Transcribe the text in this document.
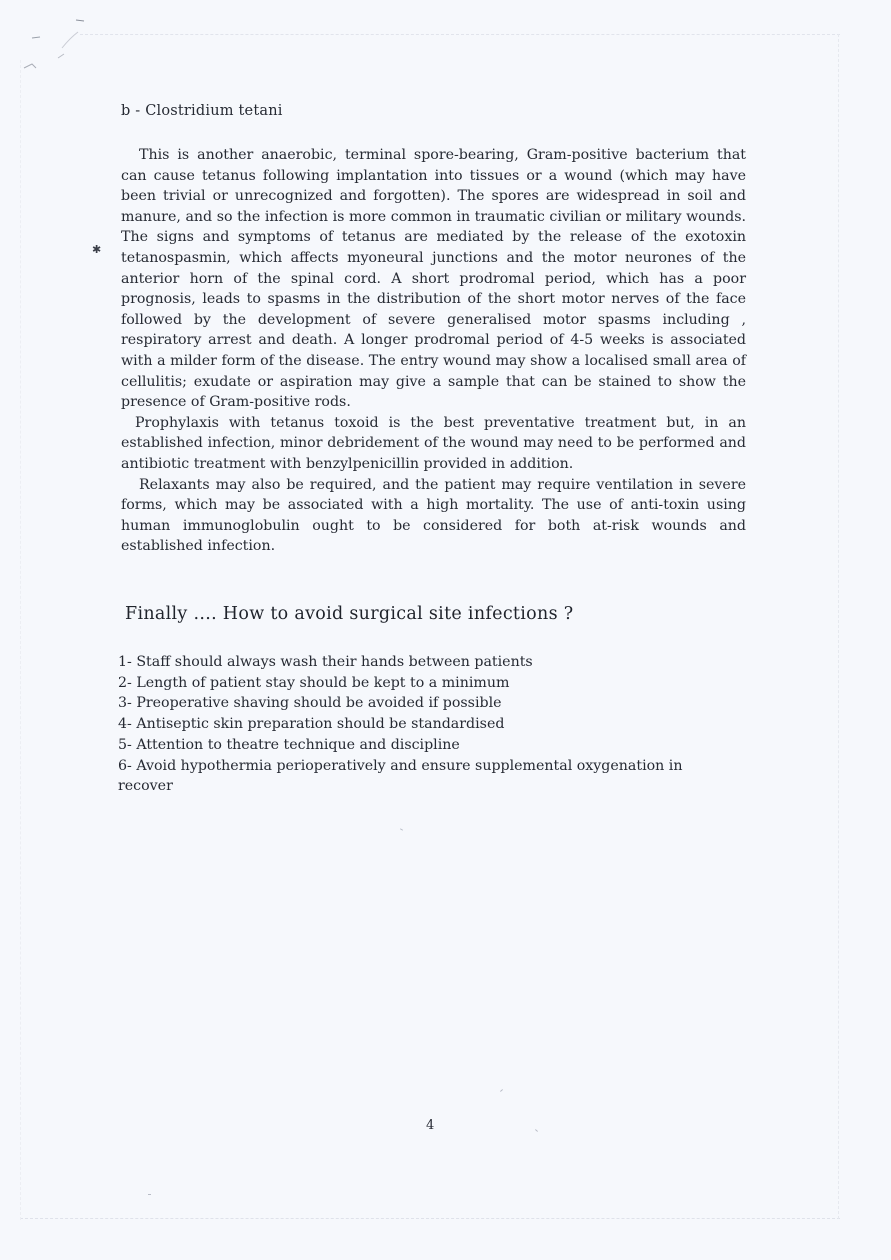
✱
b - Clostridium tetani

This is another anaerobic, terminal spore-bearing, Gram-positive bacterium that can cause tetanus following implantation into tissues or a wound (which may have been trivial or unrecognized and forgotten). The spores are widespread in soil and manure, and so the infection is more common in traumatic civilian or military wounds. The signs and symptoms of tetanus are mediated by the release of the exotoxin tetanospasmin, which affects myoneural junctions and the motor neurones of the anterior horn of the spinal cord. A short prodromal period, which has a poor prognosis, leads to spasms in the distribution of the short motor nerves of the face followed by the development of severe generalised motor spasms including , respiratory arrest and death. A longer prodromal period of 4-5 weeks is associated with a milder form of the disease. The entry wound may show a localised small area of cellulitis; exudate or aspiration may give a sample that can be stained to show the presence of Gram-positive rods.

Prophylaxis with tetanus toxoid is the best preventative treatment but, in an established infection, minor debridement of the wound may need to be performed and antibiotic treatment with benzylpenicillin provided in addition.

Relaxants may also be required, and the patient may require ventilation in severe forms, which may be associated with a high mortality. The use of anti-toxin using human immunoglobulin ought to be considered for both at-risk wounds and established infection.

Finally .... How to avoid surgical site infections ?
1- Staff should always wash their hands between patients
2- Length of patient stay should be kept to a minimum
3- Preoperative shaving should be avoided if possible
4- Antiseptic skin preparation should be standardised
5- Attention to theatre technique and discipline
6- Avoid hypothermia perioperatively and ensure supplemental oxygenation in recover
4
